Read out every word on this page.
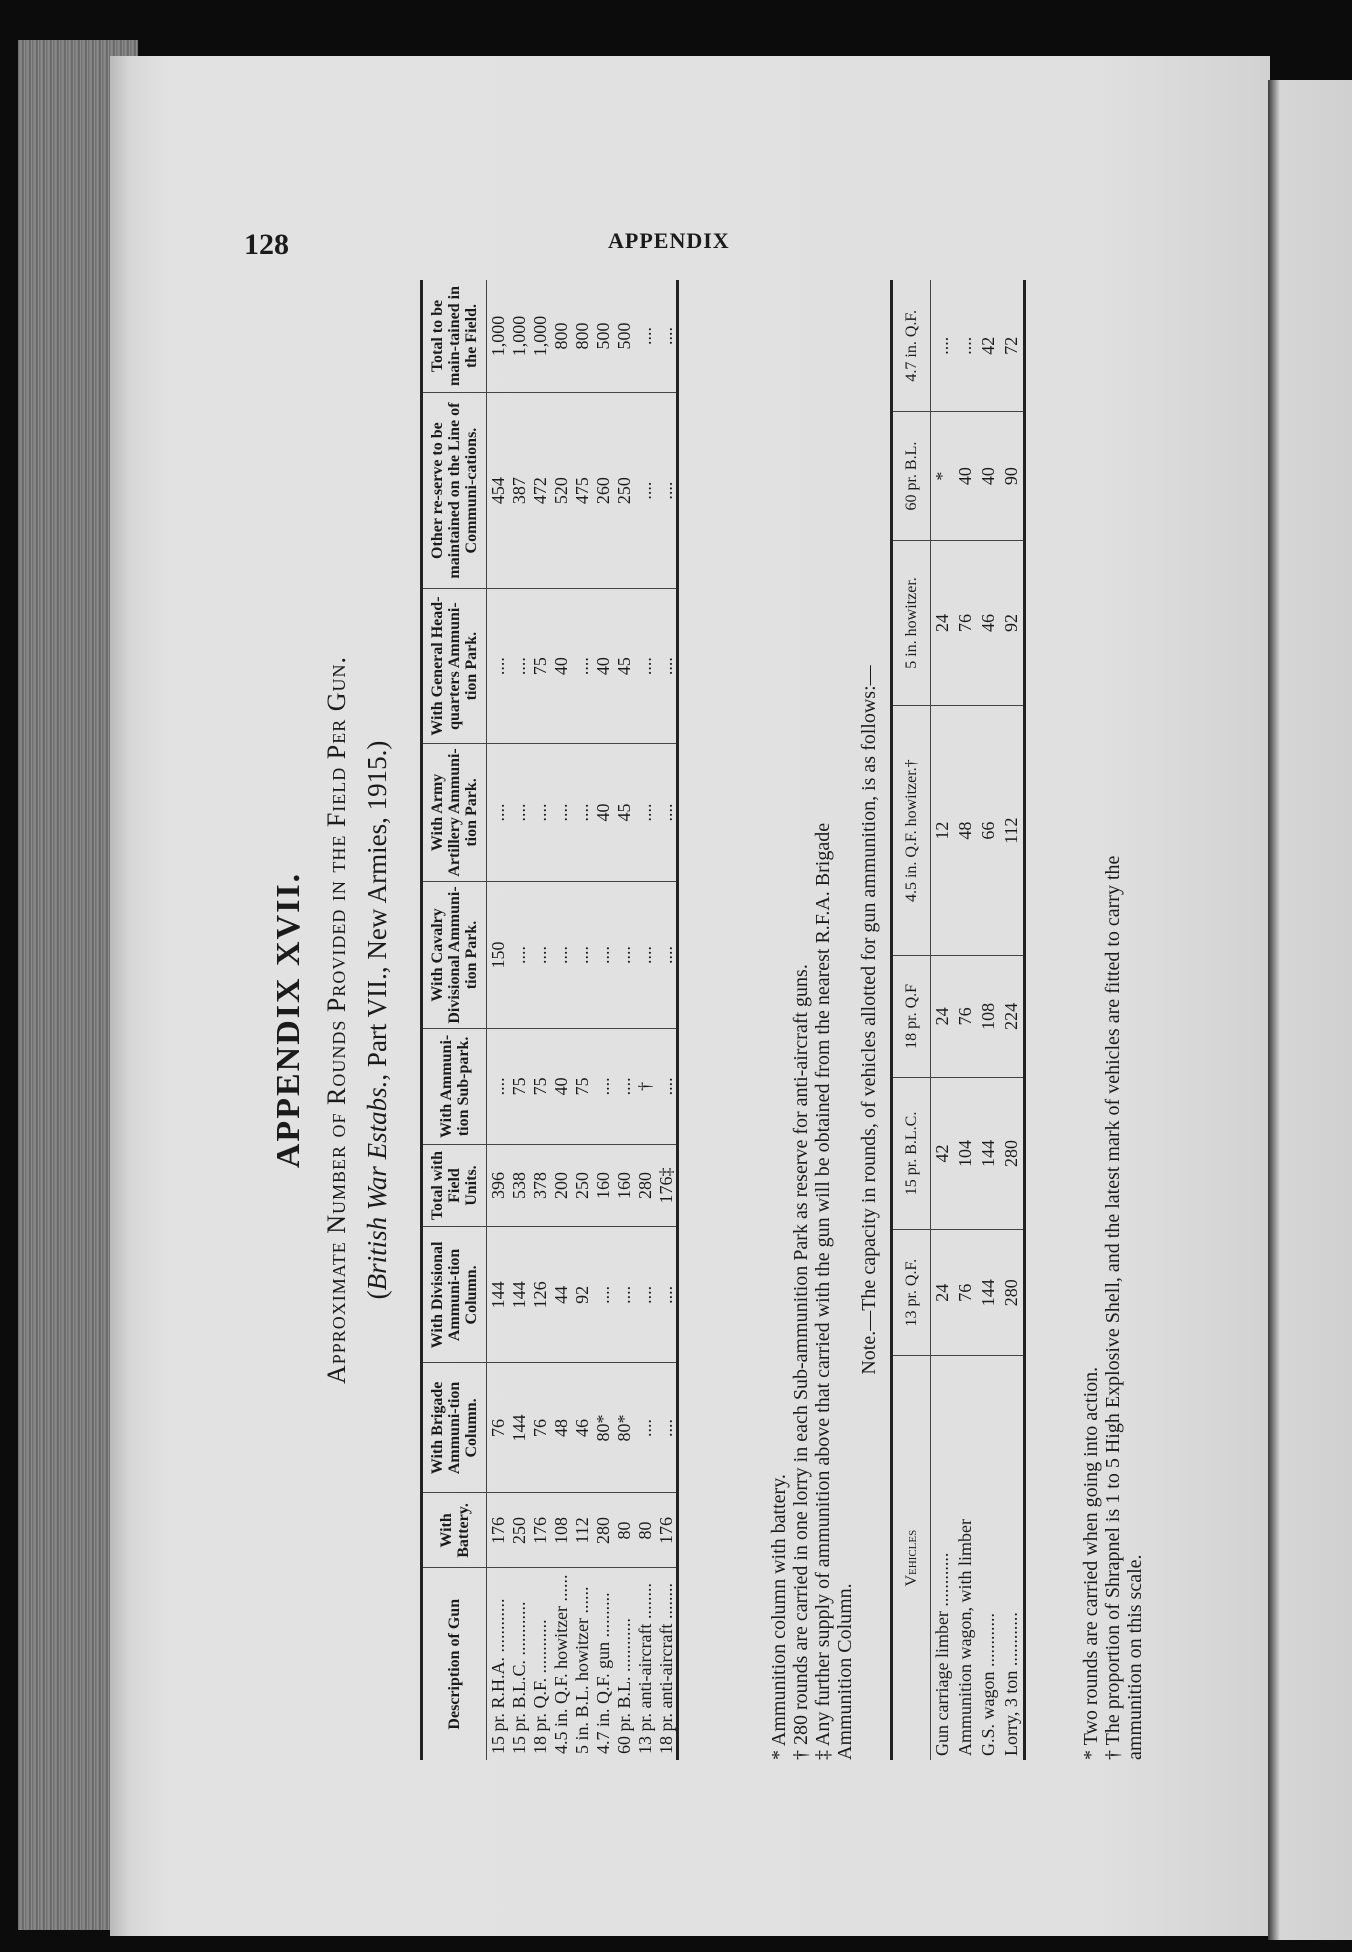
128	APPENDIX
APPENDIX XVII. Approximate Number of Rounds Provided in the Field Per Gun. (British War Estabs., Part VII., New Armies, 1915.)
Description of Gun	With Battery.	With Brigade Ammuni-tion Column.	With Divisional Ammuni-tion Column.	Total with Field Units.	With Ammuni-tion Sub-park.	With Cavalry Divisional Ammuni-tion Park.	With Army Artillery Ammuni-tion Park.	With General Head-quarters Ammuni-tion Park.	Other re-serve to be maintained on the Line of Communi-cations.	Total to be main-tained in the Field.
15 pr. R.H.A. ............	176	76	144	396	....	150	....	....	454	1,000
15 pr. B.L.C. ............	250	144	144	538	75	....	....	....	387	1,000
18 pr. Q.F. ............	176	76	126	378	75	....	....	75	472	1,000
4.5 in. Q.F. howitzer ......	108	48	44	200	40	....	....	40	520	800
5 in. B.L. howitzer ......	112	46	92	250	75	....	....	....	475	800
4.7 in. Q.F. gun ..........	280	80*	....	160	....	....	40	40	260	500
60 pr. B.L. ............	80	80*	....	160	....	....	45	45	250	500
13 pr. anti-aircraft ........	80	....	....	280	†	....	....	....	....	....
18 pr. anti-aircraft ........	176	....	....	176‡	....	....	....	....	....	....

* Ammunition column with battery. † 280 rounds are carried in one lorry in each Sub-ammunition Park as reserve for anti-aircraft guns. ‡ Any further supply of ammunition above that carried with the gun will be obtained from the nearest R.F.A. Brigade Ammunition Column.

Note.—The capacity in rounds, of vehicles allotted for gun ammunition, is as follows:—
Vehicles	13 pr. Q.F.	15 pr. B.L.C.	18 pr. Q.F	4.5 in. Q.F. howitzer.†	5 in. howitzer.	60 pr. B.L.	4.7 in. Q.F.
Gun carriage limber ............	24	42	24	12	24	*	....
Ammunition wagon, with limber	76	104	76	48	76	40	....
G.S. wagon ............	144	144	108	66	46	40	42
Lorry, 3 ton ............	280	280	224	112	92	90	72

* Two rounds are carried when going into action. † The proportion of Shrapnel is 1 to 5 High Explosive Shell, and the latest mark of vehicles are fitted to carry the ammunition on this scale.
